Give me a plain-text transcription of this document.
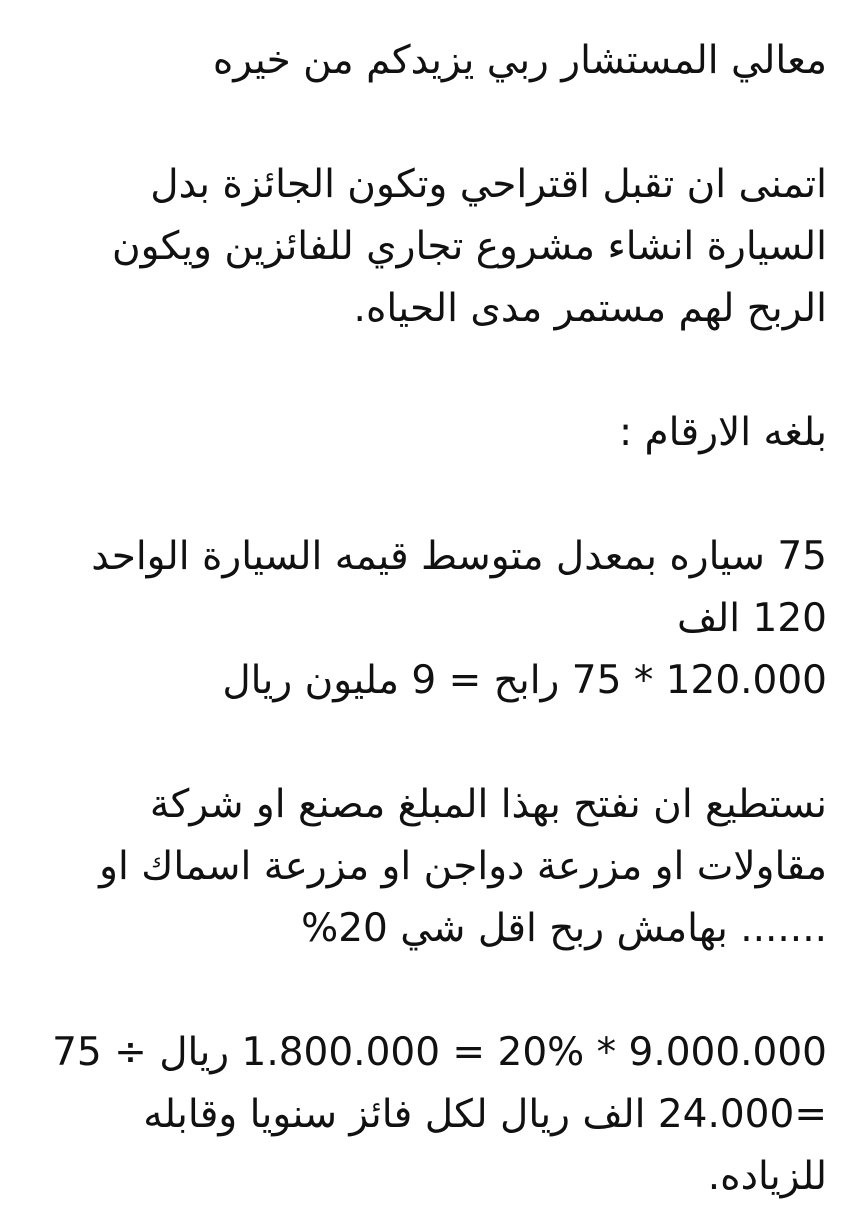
معالي المستشار ربي يزيدكم من خيره

اتمنى ان تقبل اقتراحي وتكون الجائزة بدل
السيارة انشاء مشروع تجاري للفائزين ويكون
الربح لهم مستمر مدى الحياه.

بلغه الارقام :

75 سياره بمعدل متوسط قيمه السيارة الواحد
120 الف
120.000 * 75 رابح = 9 مليون ريال

نستطيع ان نفتح بهذا المبلغ مصنع او شركة
مقاولات او مزرعة دواجن او مزرعة اسماك او
....... بهامش ربح اقل شي 20%

9.000.000 * 20% = 1.800.000 ريال ÷ 75
=24.000 الف ريال لكل فائز سنويا وقابله
للزياده.
